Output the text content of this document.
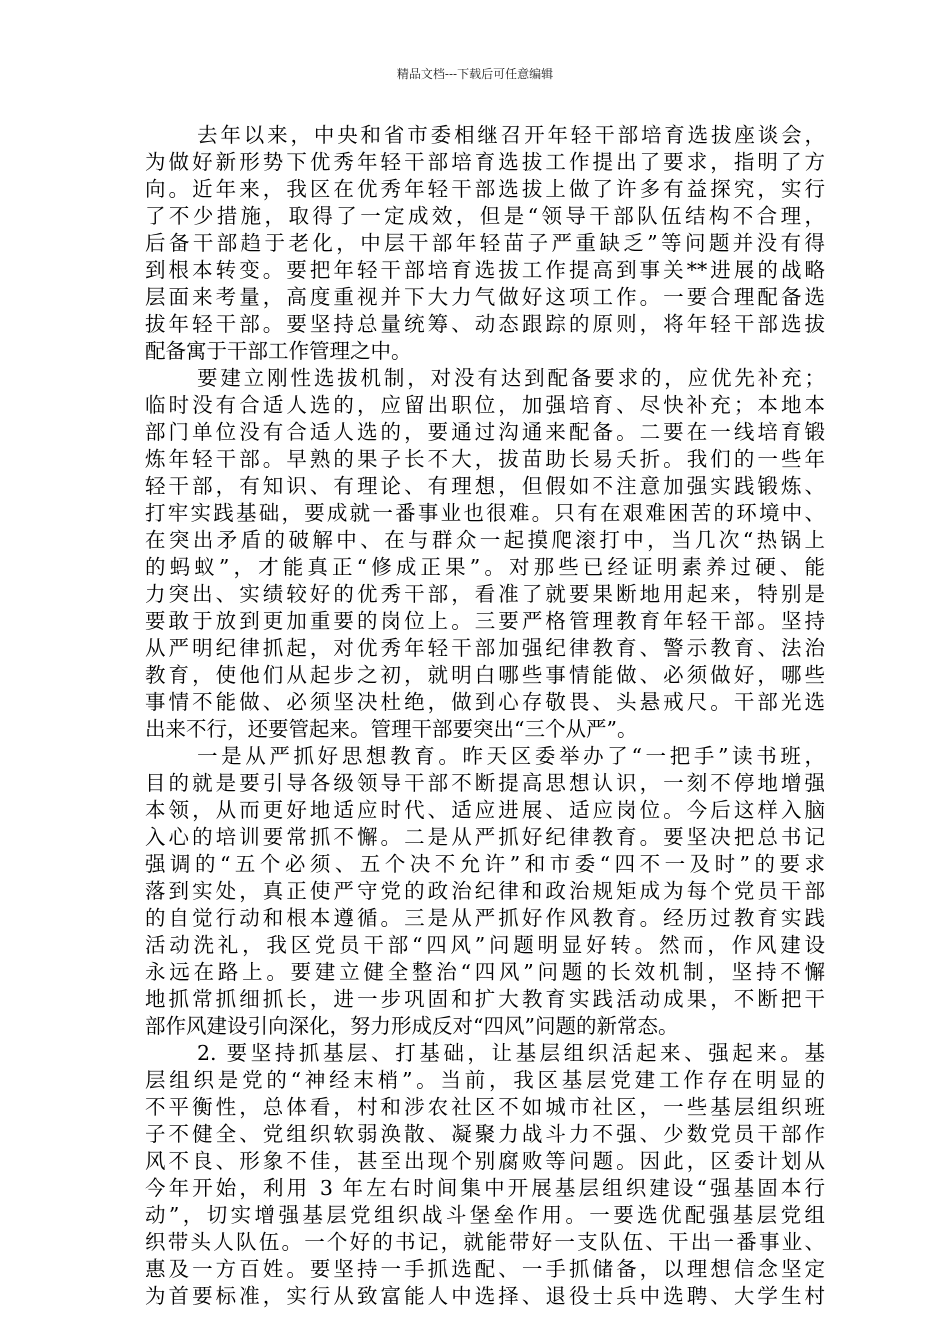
精品文档---下载后可任意编辑
去年以来，中央和省市委相继召开年轻干部培育选拔座谈会，
为做好新形势下优秀年轻干部培育选拔工作提出了要求，指明了方
向。近年来，我区在优秀年轻干部选拔上做了许多有益探究，实行
了不少措施，取得了一定成效，但是“领导干部队伍结构不合理，
后备干部趋于老化，中层干部年轻苗子严重缺乏”等问题并没有得
到根本转变。要把年轻干部培育选拔工作提高到事关**进展的战略
层面来考量，高度重视并下大力气做好这项工作。一要合理配备选
拔年轻干部。要坚持总量统筹、动态跟踪的原则，将年轻干部选拔
配备寓于干部工作管理之中。
要建立刚性选拔机制，对没有达到配备要求的，应优先补充；
临时没有合适人选的，应留出职位，加强培育、尽快补充；本地本
部门单位没有合适人选的，要通过沟通来配备。二要在一线培育锻
炼年轻干部。早熟的果子长不大，拔苗助长易夭折。我们的一些年
轻干部，有知识、有理论、有理想，但假如不注意加强实践锻炼、
打牢实践基础，要成就一番事业也很难。只有在艰难困苦的环境中、
在突出矛盾的破解中、在与群众一起摸爬滚打中，当几次“热锅上
的蚂蚁”，才能真正“修成正果”。对那些已经证明素养过硬、能
力突出、实绩较好的优秀干部，看准了就要果断地用起来，特别是
要敢于放到更加重要的岗位上。三要严格管理教育年轻干部。坚持
从严明纪律抓起，对优秀年轻干部加强纪律教育、警示教育、法治
教育，使他们从起步之初，就明白哪些事情能做、必须做好，哪些
事情不能做、必须坚决杜绝，做到心存敬畏、头悬戒尺。干部光选
出来不行，还要管起来。管理干部要突出“三个从严”。
一是从严抓好思想教育。昨天区委举办了“一把手”读书班，
目的就是要引导各级领导干部不断提高思想认识，一刻不停地增强
本领，从而更好地适应时代、适应进展、适应岗位。今后这样入脑
入心的培训要常抓不懈。二是从严抓好纪律教育。要坚决把总书记
强调的“五个必须、五个决不允许”和市委“四不一及时”的要求
落到实处，真正使严守党的政治纪律和政治规矩成为每个党员干部
的自觉行动和根本遵循。三是从严抓好作风教育。经历过教育实践
活动洗礼，我区党员干部“四风”问题明显好转。然而，作风建设
永远在路上。要建立健全整治“四风”问题的长效机制，坚持不懈
地抓常抓细抓长，进一步巩固和扩大教育实践活动成果，不断把干
部作风建设引向深化，努力形成反对“四风”问题的新常态。
2. 要坚持抓基层、打基础，让基层组织活起来、强起来。基
层组织是党的“神经末梢”。当前，我区基层党建工作存在明显的
不平衡性，总体看，村和涉农社区不如城市社区，一些基层组织班
子不健全、党组织软弱涣散、凝聚力战斗力不强、少数党员干部作
风不良、形象不佳，甚至出现个别腐败等问题。因此，区委计划从
今年开始，利用 3 年左右时间集中开展基层组织建设“强基固本行
动”，切实增强基层党组织战斗堡垒作用。一要选优配强基层党组
织带头人队伍。一个好的书记，就能带好一支队伍、干出一番事业、
惠及一方百姓。要坚持一手抓选配、一手抓储备，以理想信念坚定
为首要标准，实行从致富能人中选择、退役士兵中选聘、大学生村
